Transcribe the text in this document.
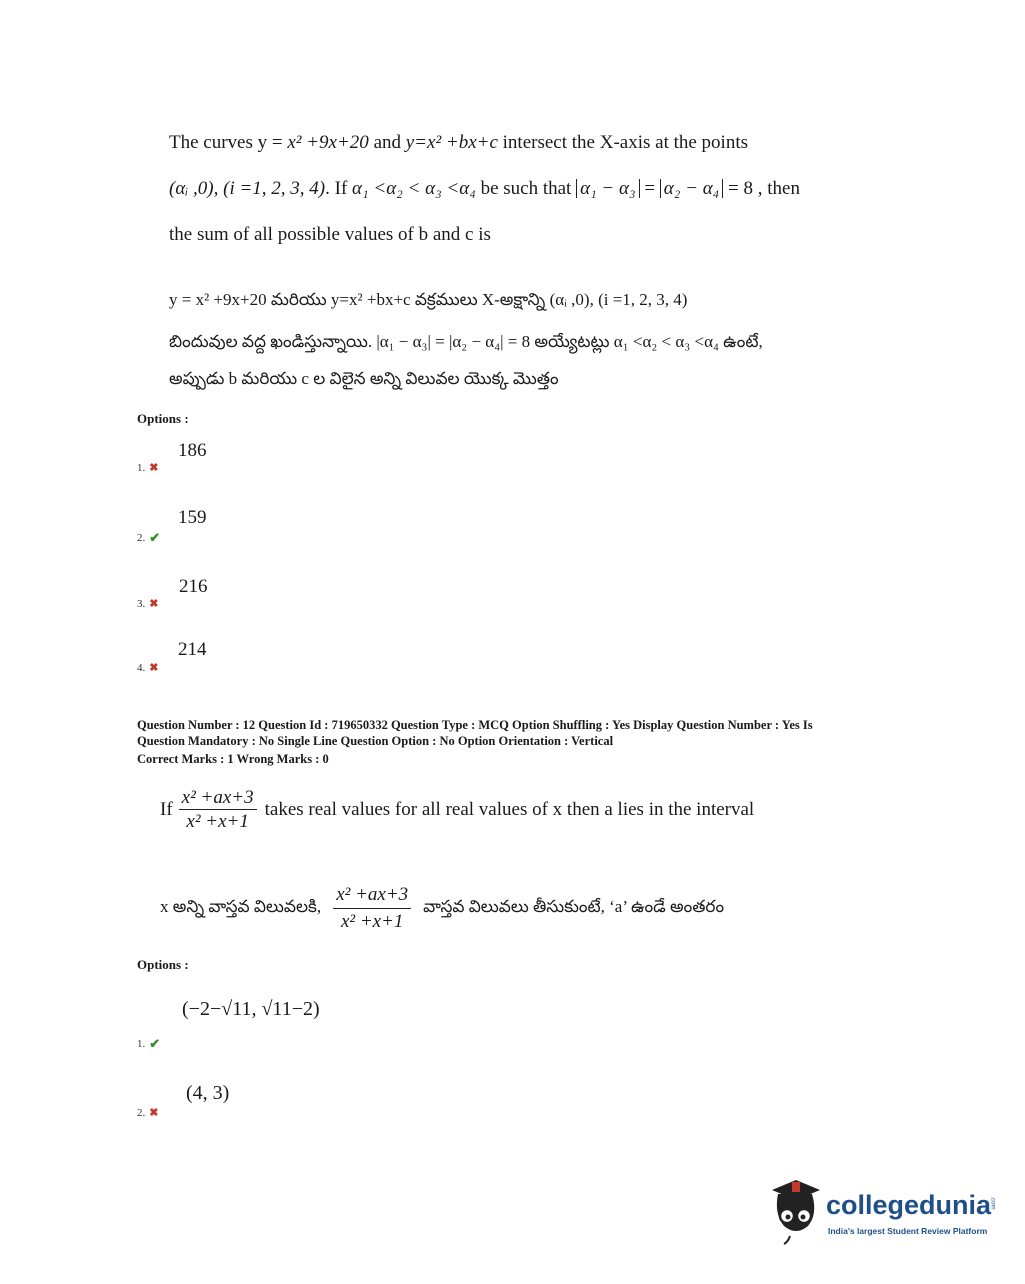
The curves y = x² +9x+20 and y=x² +bx+c intersect the X-axis at the points
(αᵢ ,0), (i =1, 2, 3, 4). If α₁ <α₂ < α₃ <α₄ be such that α₁ − α₃ = α₂ − α₄ = 8 , then
the sum of all possible values of b and c is
y = x² +9x+20 మరియు y=x² +bx+c వక్రములు X-అక్షాన్ని (αᵢ ,0), (i =1, 2, 3, 4)
బిందువుల వద్ద ఖండిస్తున్నాయి. |α₁ − α₃| = |α₂ − α₄| = 8 అయ్యేటట్లు α₁ <α₂ < α₃ <α₄ ఉంటే,
అప్పుడు b మరియు c ల విలైన అన్ని విలువల యొక్క మొత్తం
Options :
186
1. ✖
159
2. ✔
216
3. ✖
214
4. ✖
Question Number : 12 Question Id : 719650332 Question Type : MCQ Option Shuffling : Yes Display Question Number : Yes Is
Question Mandatory : No Single Line Question Option : No Option Orientation : Vertical
Correct Marks : 1 Wrong Marks : 0
If $\frac{\text{x² +ax+3}}{\text{x² +x+1}}$ takes real values for all real values of x then a lies in the interval
x అన్ని వాస్తవ విలువలకి, $\frac{\text{x² +ax+3}}{\text{x² +x+1}}$ వాస్తవ విలువలు తీసుకుంటే, ‘a’ ఉండే అంతరం
Options :
(−2−√11, √11−2)
1. ✔
(4, 3)
2. ✖
collegedunia
.com
India's largest Student Review Platform
